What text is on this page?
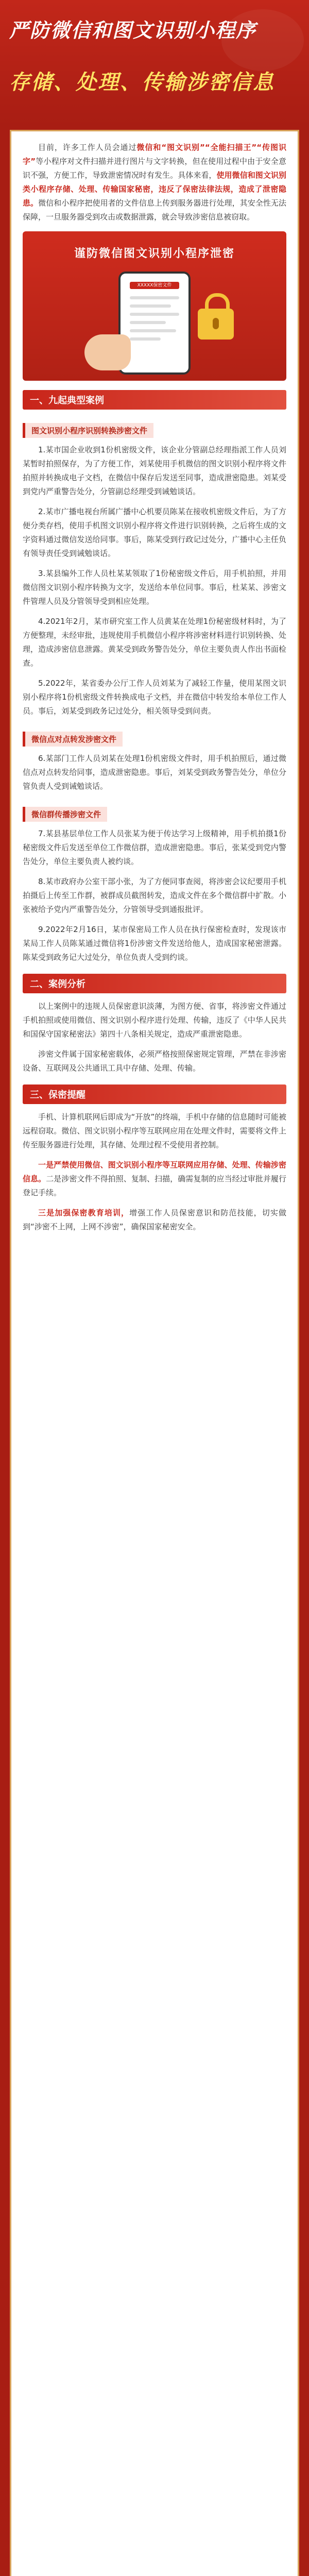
严防微信和图文识别小程序
存储、处理、传输涉密信息

目前，许多工作人员会通过微信和“图文识别”“全能扫描王”“传图识字”等小程序对文件扫描并进行图片与文字转换，但在使用过程中由于安全意识不强，方便工作，导致泄密情况时有发生。具体来看，使用微信和图文识别类小程序存储、处理、传输国家秘密，违反了保密法律法规，造成了泄密隐患。微信和小程序把使用者的文件信息上传到服务器进行处理，其安全性无法保障，一旦服务器受到攻击或数据泄露，就会导致涉密信息被窃取。

谨防微信图文识别小程序泄密
XXXXX保密文件
一、九起典型案例
图文识别小程序识别转换涉密文件

1.某市国企业收到1份机密级文件，该企业分管副总经理指派工作人员刘某暂时拍照保存，为了方便工作，刘某使用手机微信的图文识别小程序将文件拍照并转换成电子文档，在微信中保存后发送至同事，造成泄密隐患。刘某受到党内严重警告处分，分管副总经理受到诫勉谈话。

2.某市广播电视台所属广播中心机要员陈某在接收机密级文件后，为了方便分类存档，使用手机图文识别小程序将文件进行识别转换，之后将生成的文字资料通过微信发送给同事。事后，陈某受到行政记过处分，广播中心主任负有领导责任受到诫勉谈话。

3.某县编外工作人员杜某某领取了1份秘密级文件后，用手机拍照，并用微信图文识别小程序转换为文字，发送给本单位同事。事后，杜某某、涉密文件管理人员及分管领导受到相应处理。

4.2021年2月，某市研究室工作人员黄某在处理1份秘密级材料时，为了方便整理，未经审批，违规使用手机微信小程序将涉密材料进行识别转换、处理，造成涉密信息泄露。黄某受到政务警告处分，单位主要负责人作出书面检查。

5.2022年，某省委办公厅工作人员刘某为了减轻工作量，使用某图文识别小程序将1份机密级文件转换成电子文档，并在微信中转发给本单位工作人员。事后，刘某受到政务记过处分，相关领导受到问责。

微信点对点转发涉密文件

6.某部门工作人员刘某在处理1份机密级文件时，用手机拍照后，通过微信点对点转发给同事，造成泄密隐患。事后，刘某受到政务警告处分，单位分管负责人受到诫勉谈话。

微信群传播涉密文件

7.某县基层单位工作人员张某为便于传达学习上级精神，用手机拍摄1份秘密级文件后发送至单位工作微信群，造成泄密隐患。事后，张某受到党内警告处分，单位主要负责人被约谈。

8.某市政府办公室干部小张，为了方便同事查阅，将涉密会议纪要用手机拍摄后上传至工作群，被群成员截图转发，造成文件在多个微信群中扩散。小张被给予党内严重警告处分，分管领导受到通报批评。

9.2022年2月16日，某市保密局工作人员在执行保密检查时，发现该市某局工作人员陈某通过微信将1份涉密文件发送给他人，造成国家秘密泄露。陈某受到政务记大过处分，单位负责人受到约谈。

二、案例分析

以上案例中的违规人员保密意识淡薄，为图方便、省事，将涉密文件通过手机拍照或使用微信、图文识别小程序进行处理、传输，违反了《中华人民共和国保守国家秘密法》第四十八条相关规定，造成严重泄密隐患。

涉密文件属于国家秘密载体，必须严格按照保密规定管理，严禁在非涉密设备、互联网及公共通讯工具中存储、处理、传输。

三、保密提醒

手机、计算机联网后即成为“开放”的终端，手机中存储的信息随时可能被远程窃取。微信、图文识别小程序等互联网应用在处理文件时，需要将文件上传至服务器进行处理，其存储、处理过程不受使用者控制。

一是严禁使用微信、图文识别小程序等互联网应用存储、处理、传输涉密信息。二是涉密文件不得拍照、复制、扫描，确需复制的应当经过审批并履行登记手续。

三是加强保密教育培训，增强工作人员保密意识和防范技能，切实做到“涉密不上网，上网不涉密”，确保国家秘密安全。
